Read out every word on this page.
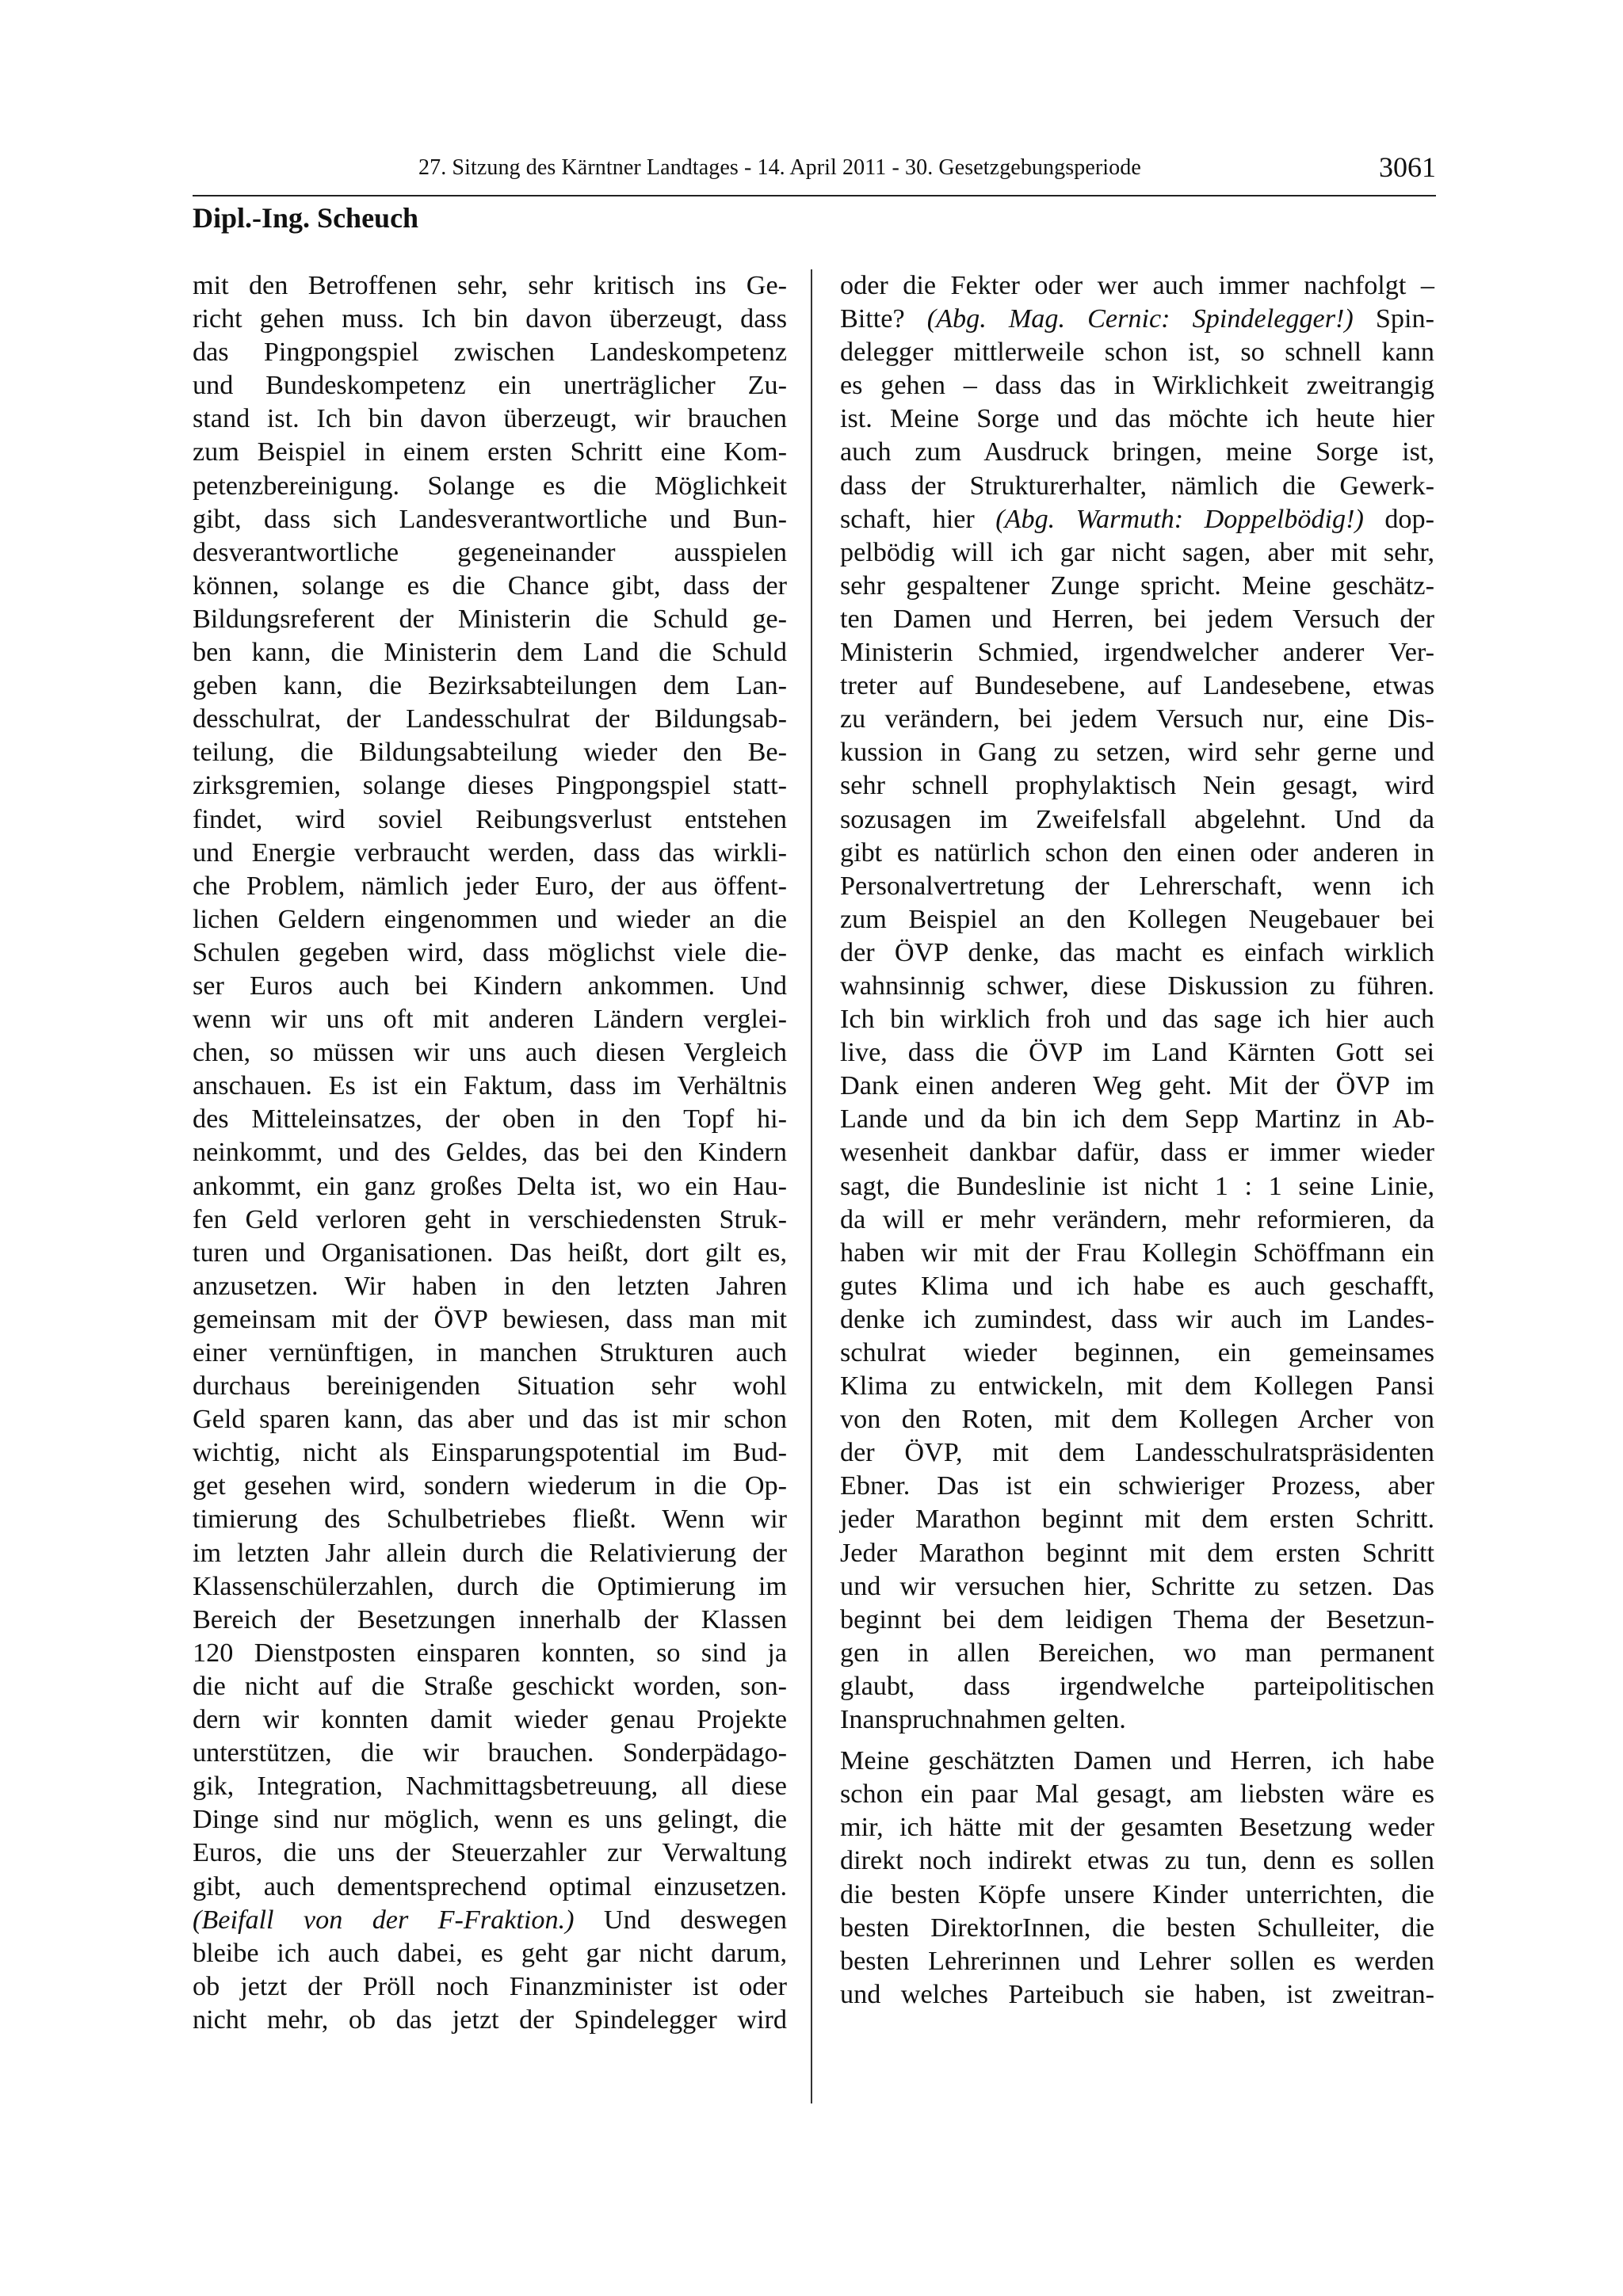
27. Sitzung des Kärntner Landtages - 14. April 2011 - 30. Gesetzgebungsperiode	3061
Dipl.-Ing. Scheuch
mit den Betroffenen sehr, sehr kritisch ins Ge-
richt gehen muss. Ich bin davon überzeugt, dass
das Pingpongspiel zwischen Landeskompetenz
und Bundeskompetenz ein unerträglicher Zu-
stand ist. Ich bin davon überzeugt, wir brauchen
zum Beispiel in einem ersten Schritt eine Kom-
petenzbereinigung. Solange es die Möglichkeit
gibt, dass sich Landesverantwortliche und Bun-
desverantwortliche gegeneinander ausspielen
können, solange es die Chance gibt, dass der
Bildungsreferent der Ministerin die Schuld ge-
ben kann, die Ministerin dem Land die Schuld
geben kann, die Bezirksabteilungen dem Lan-
desschulrat, der Landesschulrat der Bildungsab-
teilung, die Bildungsabteilung wieder den Be-
zirksgremien, solange dieses Pingpongspiel statt-
findet, wird soviel Reibungsverlust entstehen
und Energie verbraucht werden, dass das wirkli-
che Problem, nämlich jeder Euro, der aus öffent-
lichen Geldern eingenommen und wieder an die
Schulen gegeben wird, dass möglichst viele die-
ser Euros auch bei Kindern ankommen. Und
wenn wir uns oft mit anderen Ländern verglei-
chen, so müssen wir uns auch diesen Vergleich
anschauen. Es ist ein Faktum, dass im Verhältnis
des Mitteleinsatzes, der oben in den Topf hi-
neinkommt, und des Geldes, das bei den Kindern
ankommt, ein ganz großes Delta ist, wo ein Hau-
fen Geld verloren geht in verschiedensten Struk-
turen und Organisationen. Das heißt, dort gilt es,
anzusetzen. Wir haben in den letzten Jahren
gemeinsam mit der ÖVP bewiesen, dass man mit
einer vernünftigen, in manchen Strukturen auch
durchaus bereinigenden Situation sehr wohl
Geld sparen kann, das aber und das ist mir schon
wichtig, nicht als Einsparungspotential im Bud-
get gesehen wird, sondern wiederum in die Op-
timierung des Schulbetriebes fließt. Wenn wir
im letzten Jahr allein durch die Relativierung der
Klassenschülerzahlen, durch die Optimierung im
Bereich der Besetzungen innerhalb der Klassen
120 Dienstposten einsparen konnten, so sind ja
die nicht auf die Straße geschickt worden, son-
dern wir konnten damit wieder genau Projekte
unterstützen, die wir brauchen. Sonderpädago-
gik, Integration, Nachmittagsbetreuung, all diese
Dinge sind nur möglich, wenn es uns gelingt, die
Euros, die uns der Steuerzahler zur Verwaltung
gibt, auch dementsprechend optimal einzusetzen.
(Beifall von der F-Fraktion.) Und deswegen
bleibe ich auch dabei, es geht gar nicht darum,
ob jetzt der Pröll noch Finanzminister ist oder
nicht mehr, ob das jetzt der Spindelegger wird
oder die Fekter oder wer auch immer nachfolgt –
Bitte? (Abg. Mag. Cernic: Spindelegger!) Spin-
delegger mittlerweile schon ist, so schnell kann
es gehen – dass das in Wirklichkeit zweitrangig
ist. Meine Sorge und das möchte ich heute hier
auch zum Ausdruck bringen, meine Sorge ist,
dass der Strukturerhalter, nämlich die Gewerk-
schaft, hier (Abg. Warmuth: Doppelbödig!) dop-
pelbödig will ich gar nicht sagen, aber mit sehr,
sehr gespaltener Zunge spricht. Meine geschätz-
ten Damen und Herren, bei jedem Versuch der
Ministerin Schmied, irgendwelcher anderer Ver-
treter auf Bundesebene, auf Landesebene, etwas
zu verändern, bei jedem Versuch nur, eine Dis-
kussion in Gang zu setzen, wird sehr gerne und
sehr schnell prophylaktisch Nein gesagt, wird
sozusagen im Zweifelsfall abgelehnt. Und da
gibt es natürlich schon den einen oder anderen in
Personalvertretung der Lehrerschaft, wenn ich
zum Beispiel an den Kollegen Neugebauer bei
der ÖVP denke, das macht es einfach wirklich
wahnsinnig schwer, diese Diskussion zu führen.
Ich bin wirklich froh und das sage ich hier auch
live, dass die ÖVP im Land Kärnten Gott sei
Dank einen anderen Weg geht. Mit der ÖVP im
Lande und da bin ich dem Sepp Martinz in Ab-
wesenheit dankbar dafür, dass er immer wieder
sagt, die Bundeslinie ist nicht 1 : 1 seine Linie,
da will er mehr verändern, mehr reformieren, da
haben wir mit der Frau Kollegin Schöffmann ein
gutes Klima und ich habe es auch geschafft,
denke ich zumindest, dass wir auch im Landes-
schulrat wieder beginnen, ein gemeinsames
Klima zu entwickeln, mit dem Kollegen Pansi
von den Roten, mit dem Kollegen Archer von
der ÖVP, mit dem Landesschulratspräsidenten
Ebner. Das ist ein schwieriger Prozess, aber
jeder Marathon beginnt mit dem ersten Schritt.
Jeder Marathon beginnt mit dem ersten Schritt
und wir versuchen hier, Schritte zu setzen. Das
beginnt bei dem leidigen Thema der Besetzun-
gen in allen Bereichen, wo man permanent
glaubt, dass irgendwelche parteipolitischen
Inanspruchnahmen gelten.
Meine geschätzten Damen und Herren, ich habe
schon ein paar Mal gesagt, am liebsten wäre es
mir, ich hätte mit der gesamten Besetzung weder
direkt noch indirekt etwas zu tun, denn es sollen
die besten Köpfe unsere Kinder unterrichten, die
besten DirektorInnen, die besten Schulleiter, die
besten Lehrerinnen und Lehrer sollen es werden
und welches Parteibuch sie haben, ist zweitran-
